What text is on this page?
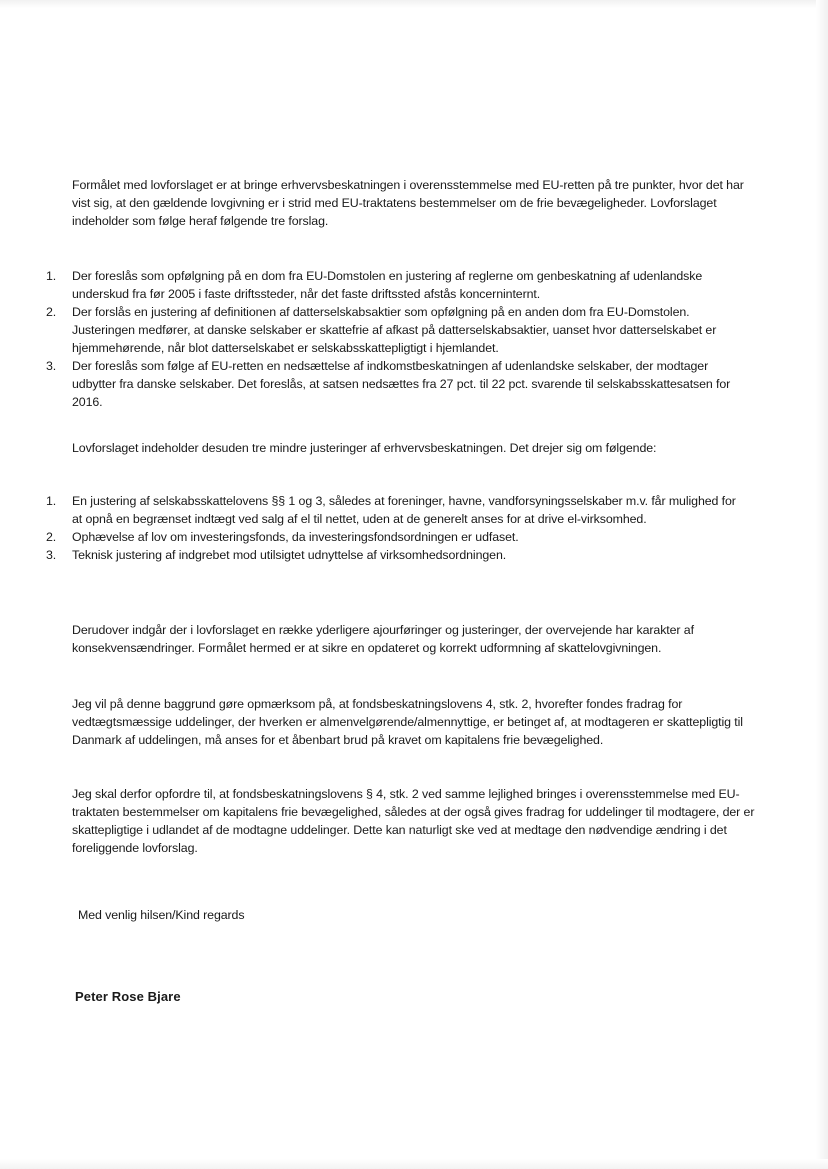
Formålet med lovforslaget er at bringe erhvervsbeskatningen i overensstemmelse med EU-retten på tre punkter, hvor det har vist sig, at den gældende lovgivning er i strid med EU-traktatens bestemmelser om de frie bevægeligheder. Lovforslaget indeholder som følge heraf følgende tre forslag.

1.	Der foreslås som opfølgning på en dom fra EU-Domstolen en justering af reglerne om genbeskatning af udenlandske underskud fra før 2005 i faste driftssteder, når det faste driftssted afstås koncerninternt.
2.	Der forslås en justering af definitionen af datterselskabsaktier som opfølgning på en anden dom fra EU-Domstolen. Justeringen medfører, at danske selskaber er skattefrie af afkast på datterselskabsaktier, uanset hvor datterselskabet er hjemmehørende, når blot datterselskabet er selskabsskattepligtigt i hjemlandet.
3.	Der foreslås som følge af EU-retten en nedsættelse af indkomstbeskatningen af udenlandske selskaber, der modtager udbytter fra danske selskaber. Det foreslås, at satsen nedsættes fra 27 pct. til 22 pct. svarende til selskabsskattesatsen for 2016.

Lovforslaget indeholder desuden tre mindre justeringer af erhvervsbeskatningen. Det drejer sig om følgende:

1.	En justering af selskabsskattelovens §§ 1 og 3, således at foreninger, havne, vandforsyningsselskaber m.v. får mulighed for at opnå en begrænset indtægt ved salg af el til nettet, uden at de generelt anses for at drive el-virksomhed.
2.	Ophævelse af lov om investeringsfonds, da investeringsfondsordningen er udfaset.
3.	Teknisk justering af indgrebet mod utilsigtet udnyttelse af virksomhedsordningen.

Derudover indgår der i lovforslaget en række yderligere ajourføringer og justeringer, der overvejende har karakter af konsekvensændringer. Formålet hermed er at sikre en opdateret og korrekt udformning af skattelovgivningen.

Jeg vil på denne baggrund gøre opmærksom på, at fondsbeskatningslovens 4, stk. 2, hvorefter fondes fradrag for vedtægtsmæssige uddelinger, der hverken er almenvelgørende/almennyttige, er betinget af, at modtageren er skattepligtig til Danmark af uddelingen, må anses for et åbenbart brud på kravet om kapitalens frie bevægelighed.

Jeg skal derfor opfordre til, at fondsbeskatningslovens § 4, stk. 2 ved samme lejlighed bringes i overensstemmelse med EU-traktaten bestemmelser om kapitalens frie bevægelighed, således at der også gives fradrag for uddelinger til modtagere, der er skattepligtige i udlandet af de modtagne uddelinger. Dette kan naturligt ske ved at medtage den nødvendige ændring i det foreliggende lovforslag.

Med venlig hilsen/Kind regards

Peter Rose Bjare
